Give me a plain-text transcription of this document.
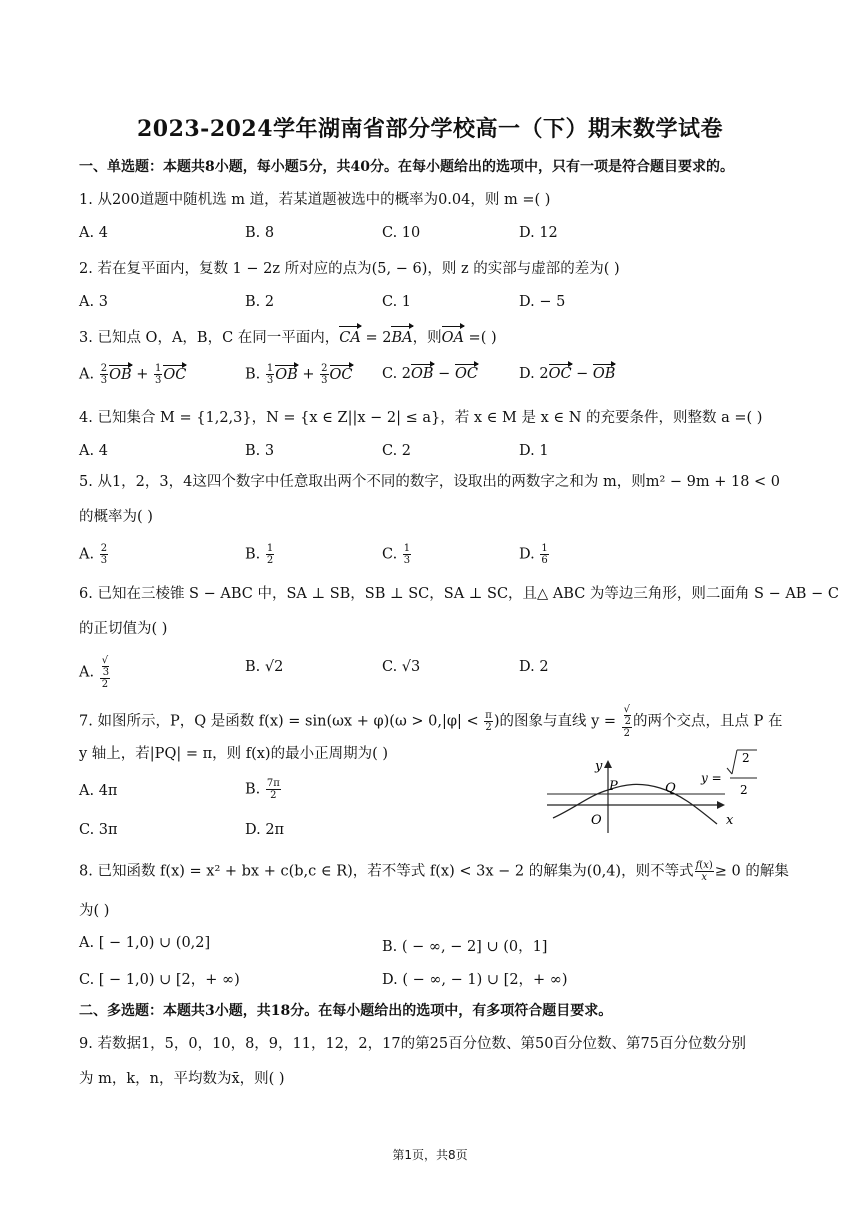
2023-2024学年湖南省部分学校高一（下）期末数学试卷
一、单选题：本题共8小题，每小题5分，共40分。在每小题给出的选项中，只有一项是符合题目要求的。
1. 从200道题中随机选 m 道，若某道题被选中的概率为0.04，则 m =( )
A. 4	B. 8	C. 10	D. 12
2. 若在复平面内，复数 1 − 2z 所对应的点为(5, − 6)，则 z 的实部与虚部的差为( )
A. 3	B. 2	C. 1	D. − 5
3. 已知点 O，A，B，C 在同一平面内，CA = 2BA，则OA =( )
A. $\frac{2}{3}$ OB + $\frac{1}{3}$ OC	B. $\frac{1}{3}$ OB + $\frac{2}{3}$ OC C. 2OB − OC	D. 2OC − OB
4. 已知集合 M = {1,2,3}，N = {x ∈ Z||x − 2| ≤ a}，若 x ∈ M 是 x ∈ N 的充要条件，则整数 a =( )
A. 4	B. 3	C. 2	D. 1
5. 从1，2，3，4这四个数字中任意取出两个不同的数字，设取出的两数字之和为 m，则m² − 9m + 18 < 0
的概率为( )
A. $\frac{2}{3}$	B. $\frac{1}{2}$	C. $\frac{1}{3}$	D. $\frac{1}{6}$
6. 已知在三棱锥 S − ABC 中，SA ⊥ SB，SB ⊥ SC，SA ⊥ SC，且△ ABC 为等边三角形，则二面角 S − AB − C
的正切值为( )
A. √
3
2	B. √2	C. √3	D. 2
7. 如图所示，P，Q 是函数 $f(x) = \sin(\omega x + \varphi)(\omega > 0,|\varphi| < \frac{\pi}{2}$ )的图象与直线 y = √
2
2 的两个交点，且点 P 在
y 轴上，若|PQ| = π，则 f(x)的最小正周期为( )
A. 4π	B. $\frac{7\pi}{2}$
C. 3π	D. 2π
y
P	Q
O	x
y =
2
2
8. 已知函数 f(x) = x² + bx + c(b,c ∈ R)，若不等式 f(x) < 3x − 2 的解集为(0,4)，则不等式 $\frac{f(x)}{x} \ge 0$ 的解集
为( )
A. [ − 1,0) ∪ (0,2]	B. ( − ∞, − 2] ∪ (0，1]
C. [ − 1,0) ∪ [2，+ ∞)	D. ( − ∞, − 1) ∪ [2，+ ∞)
二、多选题：本题共3小题，共18分。在每小题给出的选项中，有多项符合题目要求。
9. 若数据1，5，0，10，8，9，11，12，2，17的第25百分位数、第50百分位数、第75百分位数分别
为 m，k，n，平均数为x̄，则( )
第1页，共8页
